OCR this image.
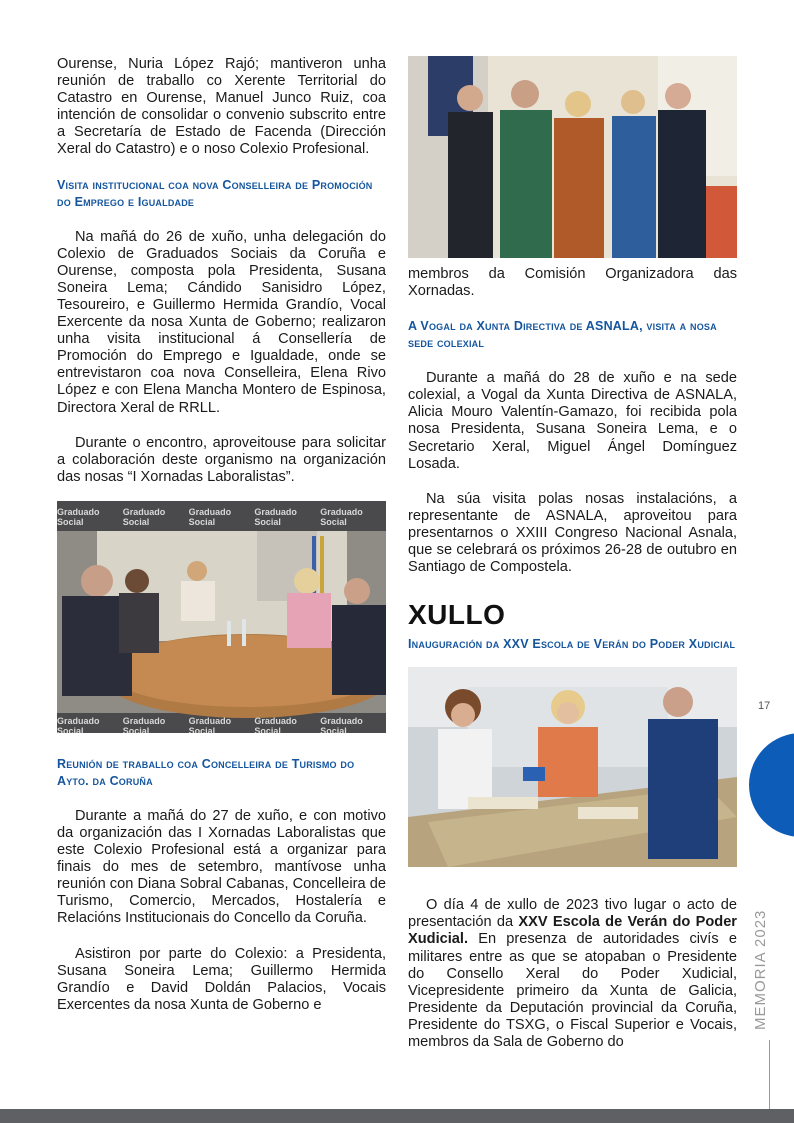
Ourense, Nuria López Rajó; mantiveron unha reunión de traballo co Xerente Territorial do Catastro en Ourense, Manuel Junco Ruiz, coa intención de consolidar o convenio subscrito entre a Secretaría de Estado de Facenda (Dirección Xeral do Catastro) e o noso Colexio Profesional.

Visita institucional coa nova Conselleira de Promoción do Emprego e Igualdade

Na mañá do 26 de xuño, unha delegación do Colexio de Graduados Sociais da Coruña e Ourense, composta pola Presidenta, Susana Soneira Lema; Cándido Sanisidro López, Tesoureiro, e Guillermo Hermida Grandío, Vocal Exercente da nosa Xunta de Goberno; realizaron unha visita institucional á Consellería de Promoción do Emprego e Igualdade, onde se entrevistaron coa nova Conselleira, Elena Rivo López e con Elena Mancha Montero de Espinosa, Directora Xeral de RRLL.

Durante o encontro, aproveitouse para solicitar a colaboración deste organismo na organización das nosas “I Xornadas Laboralistas”.

Graduado Social
Graduado Social
Graduado Social
Graduado Social
Graduado Social
Graduado Social
Graduado Social
Graduado Social
Graduado Social
Graduado Social
Reunión de traballo coa Concelleira de Turismo do Ayto. da Coruña

Durante a mañá do 27 de xuño, e con motivo da organización das I Xornadas Laboralistas que este Colexio Profesional está a organizar para finais do mes de setembro, mantívose unha reunión con Diana Sobral Cabanas, Concelleira de Turismo, Comercio, Mercados, Hostalería e Relacións Institucionais do Concello da Coruña.

Asistiron por parte do Colexio: a Presidenta, Susana Soneira Lema; Guillermo Hermida Grandío e David Doldán Palacios, Vocais Exercentes da nosa Xunta de Goberno e

membros da Comisión Organizadora das Xornadas.

A Vogal da Xunta Directiva de ASNALA, visita a nosa sede colexial

Durante a mañá do 28 de xuño e na sede colexial, a Vogal da Xunta Directiva de ASNALA, Alicia Mouro Valentín-Gamazo, foi recibida pola nosa Presidenta, Susana Soneira Lema, e o Secretario Xeral, Miguel Ángel Domínguez Losada.

Na súa visita polas nosas instalacións, a representante de ASNALA, aproveitou para presentarnos o XXIII Congreso Nacional Asnala, que se celebrará os próximos 26-28 de outubro en Santiago de Compostela.

XULLO
Inauguración da XXV Escola de Verán do Poder Xudicial

O día 4 de xullo de 2023 tivo lugar o acto de presentación da XXV Escola de Verán do Poder Xudicial. En presenza de autoridades civís e militares entre as que se atopaban o Presidente do Consello Xeral do Poder Xudicial, Vicepresidente primeiro da Xunta de Galicia, Presidente da Deputación provincial da Coruña, Presidente do TSXG, o Fiscal Superior e Vocais, membros da Sala de Goberno do

17
MEMORIA 2023
